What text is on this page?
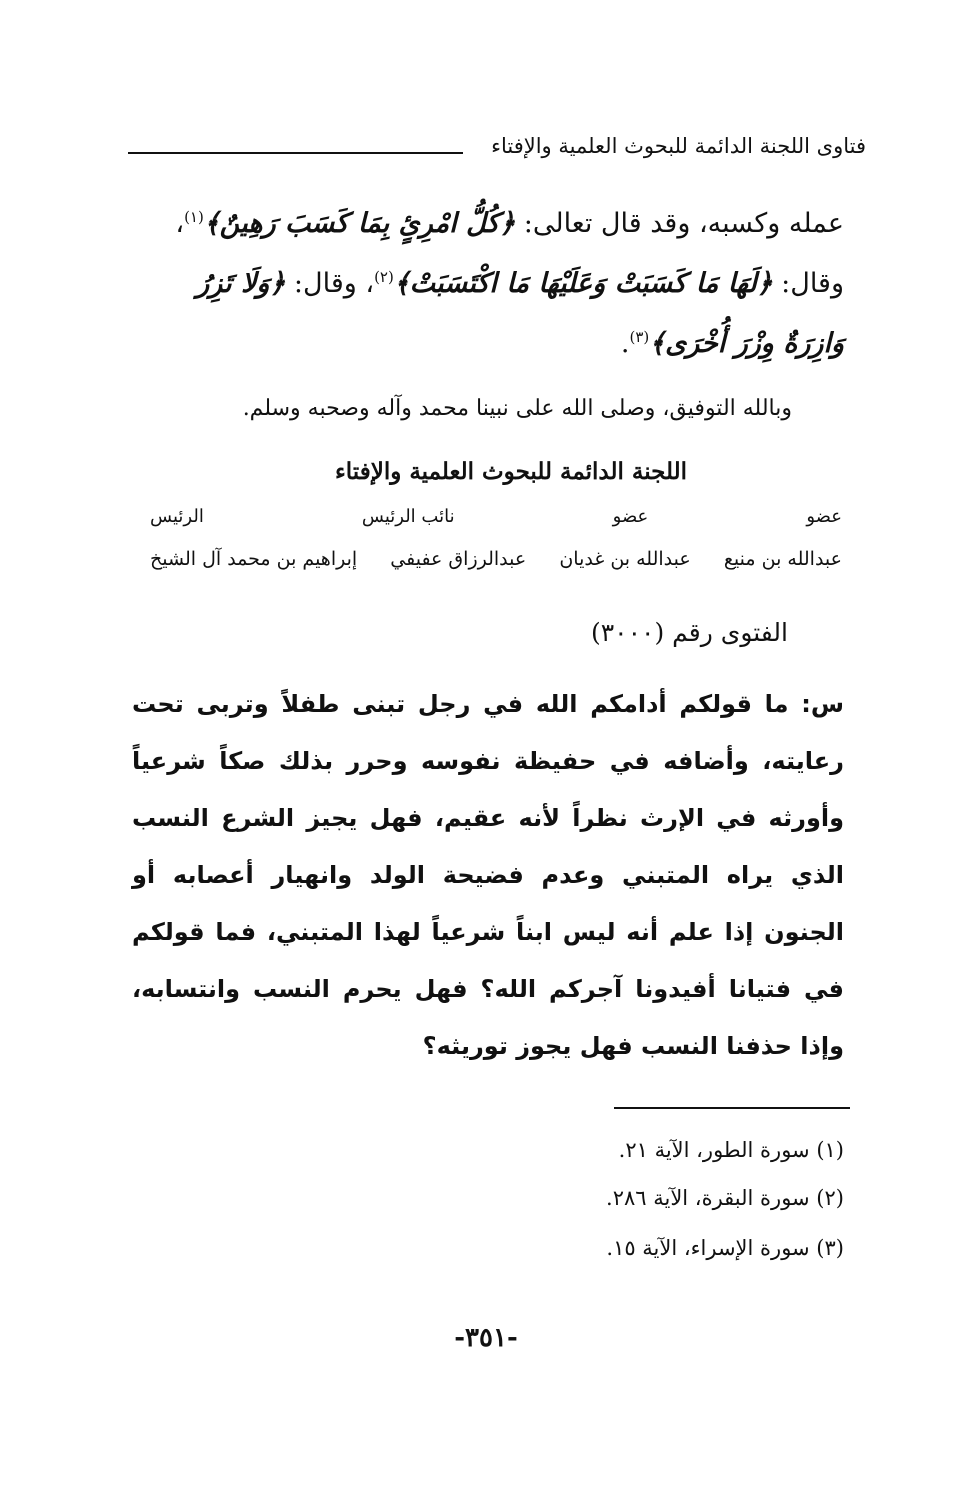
فتاوى اللجنة الدائمة للبحوث العلمية والإفتاء
عمله وكسبه، وقد قال تعالى: ﴿كُلُّ امْرِئٍ بِمَا كَسَبَ رَهِينٌ﴾$^{(١)}$،
وقال: ﴿لَهَا مَا كَسَبَتْ وَعَلَيْهَا مَا اكْتَسَبَتْ﴾$^{(٢)}$، وقال: ﴿وَلَا تَزِرُ
وَازِرَةٌ وِزْرَ أُخْرَى﴾$^{(٣)}$.
وبالله التوفيق، وصلى الله على نبينا محمد وآله وصحبه وسلم.
اللجنة الدائمة للبحوث العلمية والإفتاء
عضو
عضو
نائب الرئيس
الرئيس
عبدالله بن منيع
عبدالله بن غديان
عبدالرزاق عفيفي
إبراهيم بن محمد آل الشيخ
الفتوى رقم (٣٠٠٠)

س: ما قولكم أدامكم الله في رجل تبنى طفلاً وتربى تحت رعايته، وأضافه في حفيظة نفوسه وحرر بذلك صكاً شرعياً وأورثه في الإرث نظراً لأنه عقيم، فهل يجيز الشرع النسب الذي يراه المتبني وعدم فضيحة الولد وانهيار أعصابه أو الجنون إذا علم أنه ليس ابناً شرعياً لهذا المتبني، فما قولكم في فتيانا أفيدونا آجركم الله؟ فهل يحرم النسب وانتسابه، وإذا حذفنا النسب فهل يجوز توريثه؟

(١) سورة الطور، الآية ٢١.
(٢) سورة البقرة، الآية ٢٨٦.
(٣) سورة الإسراء، الآية ١٥.
-٣٥١-
